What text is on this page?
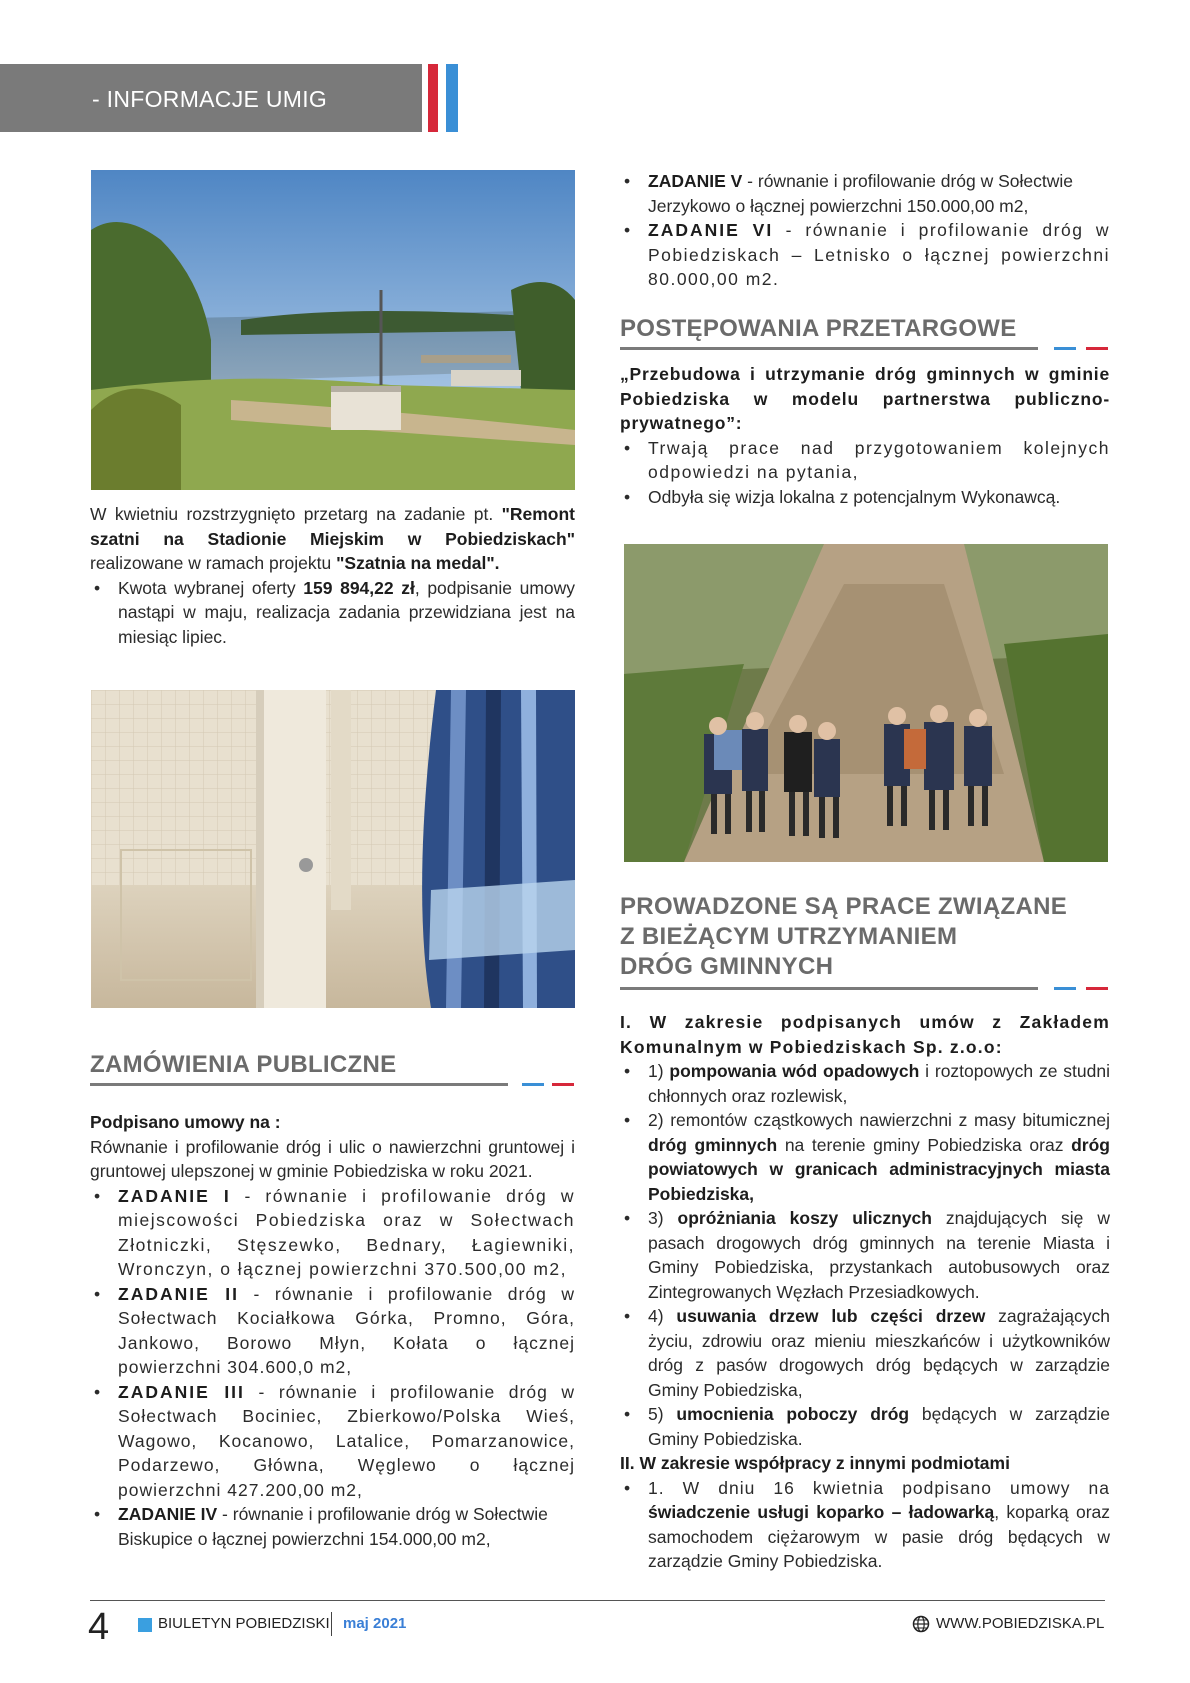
- INFORMACJE UMIG

W kwietniu rozstrzygnięto przetarg na zadanie pt. "Remont szatni na Stadionie Miejskim w Pobiedziskach" realizowane w ramach projektu "Szatnia na medal".

• Kwota wybranej oferty 159 894,22 zł, podpisanie umowy nastąpi w maju, realizacja zadania przewidziana jest na miesiąc lipiec.
ZAMÓWIENIA PUBLICZNE

Podpisano umowy na :

Równanie i profilowanie dróg i ulic o nawierzchni gruntowej i gruntowej ulepszonej w gminie Pobiedziska w roku 2021.

• ZADANIE I - równanie i profilowanie dróg w miejscowości Pobiedziska oraz w Sołectwach Złotniczki, Stęszewko, Bednary, Łagiewniki, Wronczyn, o łącznej powierzchni 370.500,00 m2,
• ZADANIE II - równanie i profilowanie dróg w Sołectwach Kociałkowa Górka, Promno, Góra, Jankowo, Borowo Młyn, Kołata o łącznej powierzchni 304.600,0 m2,
• ZADANIE III - równanie i profilowanie dróg w Sołectwach Bociniec, Zbierkowo/Polska Wieś, Wagowo, Kocanowo, Latalice, Pomarzanowice, Podarzewo, Główna, Węglewo o łącznej powierzchni 427.200,00 m2,
• ZADANIE IV - równanie i profilowanie dróg w Sołectwie Biskupice o łącznej powierzchni 154.000,00 m2,
• ZADANIE V - równanie i profilowanie dróg w Sołectwie Jerzykowo o łącznej powierzchni 150.000,00 m2,
• ZADANIE VI - równanie i profilowanie dróg w Pobiedziskach – Letnisko o łącznej powierzchni 80.000,00 m2.
POSTĘPOWANIA PRZETARGOWE

„Przebudowa i utrzymanie dróg gminnych w gminie Pobiedziska w modelu partnerstwa publiczno-prywatnego”:

• Trwają prace nad przygotowaniem kolejnych odpowiedzi na pytania,
• Odbyła się wizja lokalna z potencjalnym Wykonawcą.
PROWADZONE SĄ PRACE ZWIĄZANE
Z BIEŻĄCYM UTRZYMANIEM
DRÓG GMINNYCH

I. W zakresie podpisanych umów z Zakładem Komunalnym w Pobiedziskach Sp. z.o.o:

• 1) pompowania wód opadowych i roztopowych ze studni chłonnych oraz rozlewisk,
• 2) remontów cząstkowych nawierzchni z masy bitumicznej dróg gminnych na terenie gminy Pobiedziska oraz dróg powiatowych w granicach administracyjnych miasta Pobiedziska,
• 3) opróżniania koszy ulicznych znajdujących się w pasach drogowych dróg gminnych na terenie Miasta i Gminy Pobiedziska, przystankach autobusowych oraz Zintegrowanych Węzłach Przesiadkowych.
• 4) usuwania drzew lub części drzew zagrażających życiu, zdrowiu oraz mieniu mieszkańców i użytkowników dróg z pasów drogowych dróg będących w zarządzie Gminy Pobiedziska,
• 5) umocnienia poboczy dróg będących w zarządzie Gminy Pobiedziska.

II. W zakresie współpracy z innymi podmiotami

• 1. W dniu 16 kwietnia podpisano umowy na świadczenie usługi koparko – ładowarką, koparką oraz samochodem ciężarowym w pasie dróg będących w zarządzie Gminy Pobiedziska.
4	BIULETYN POBIEDZISKI maj 2021	WWW.POBIEDZISKA.PL
